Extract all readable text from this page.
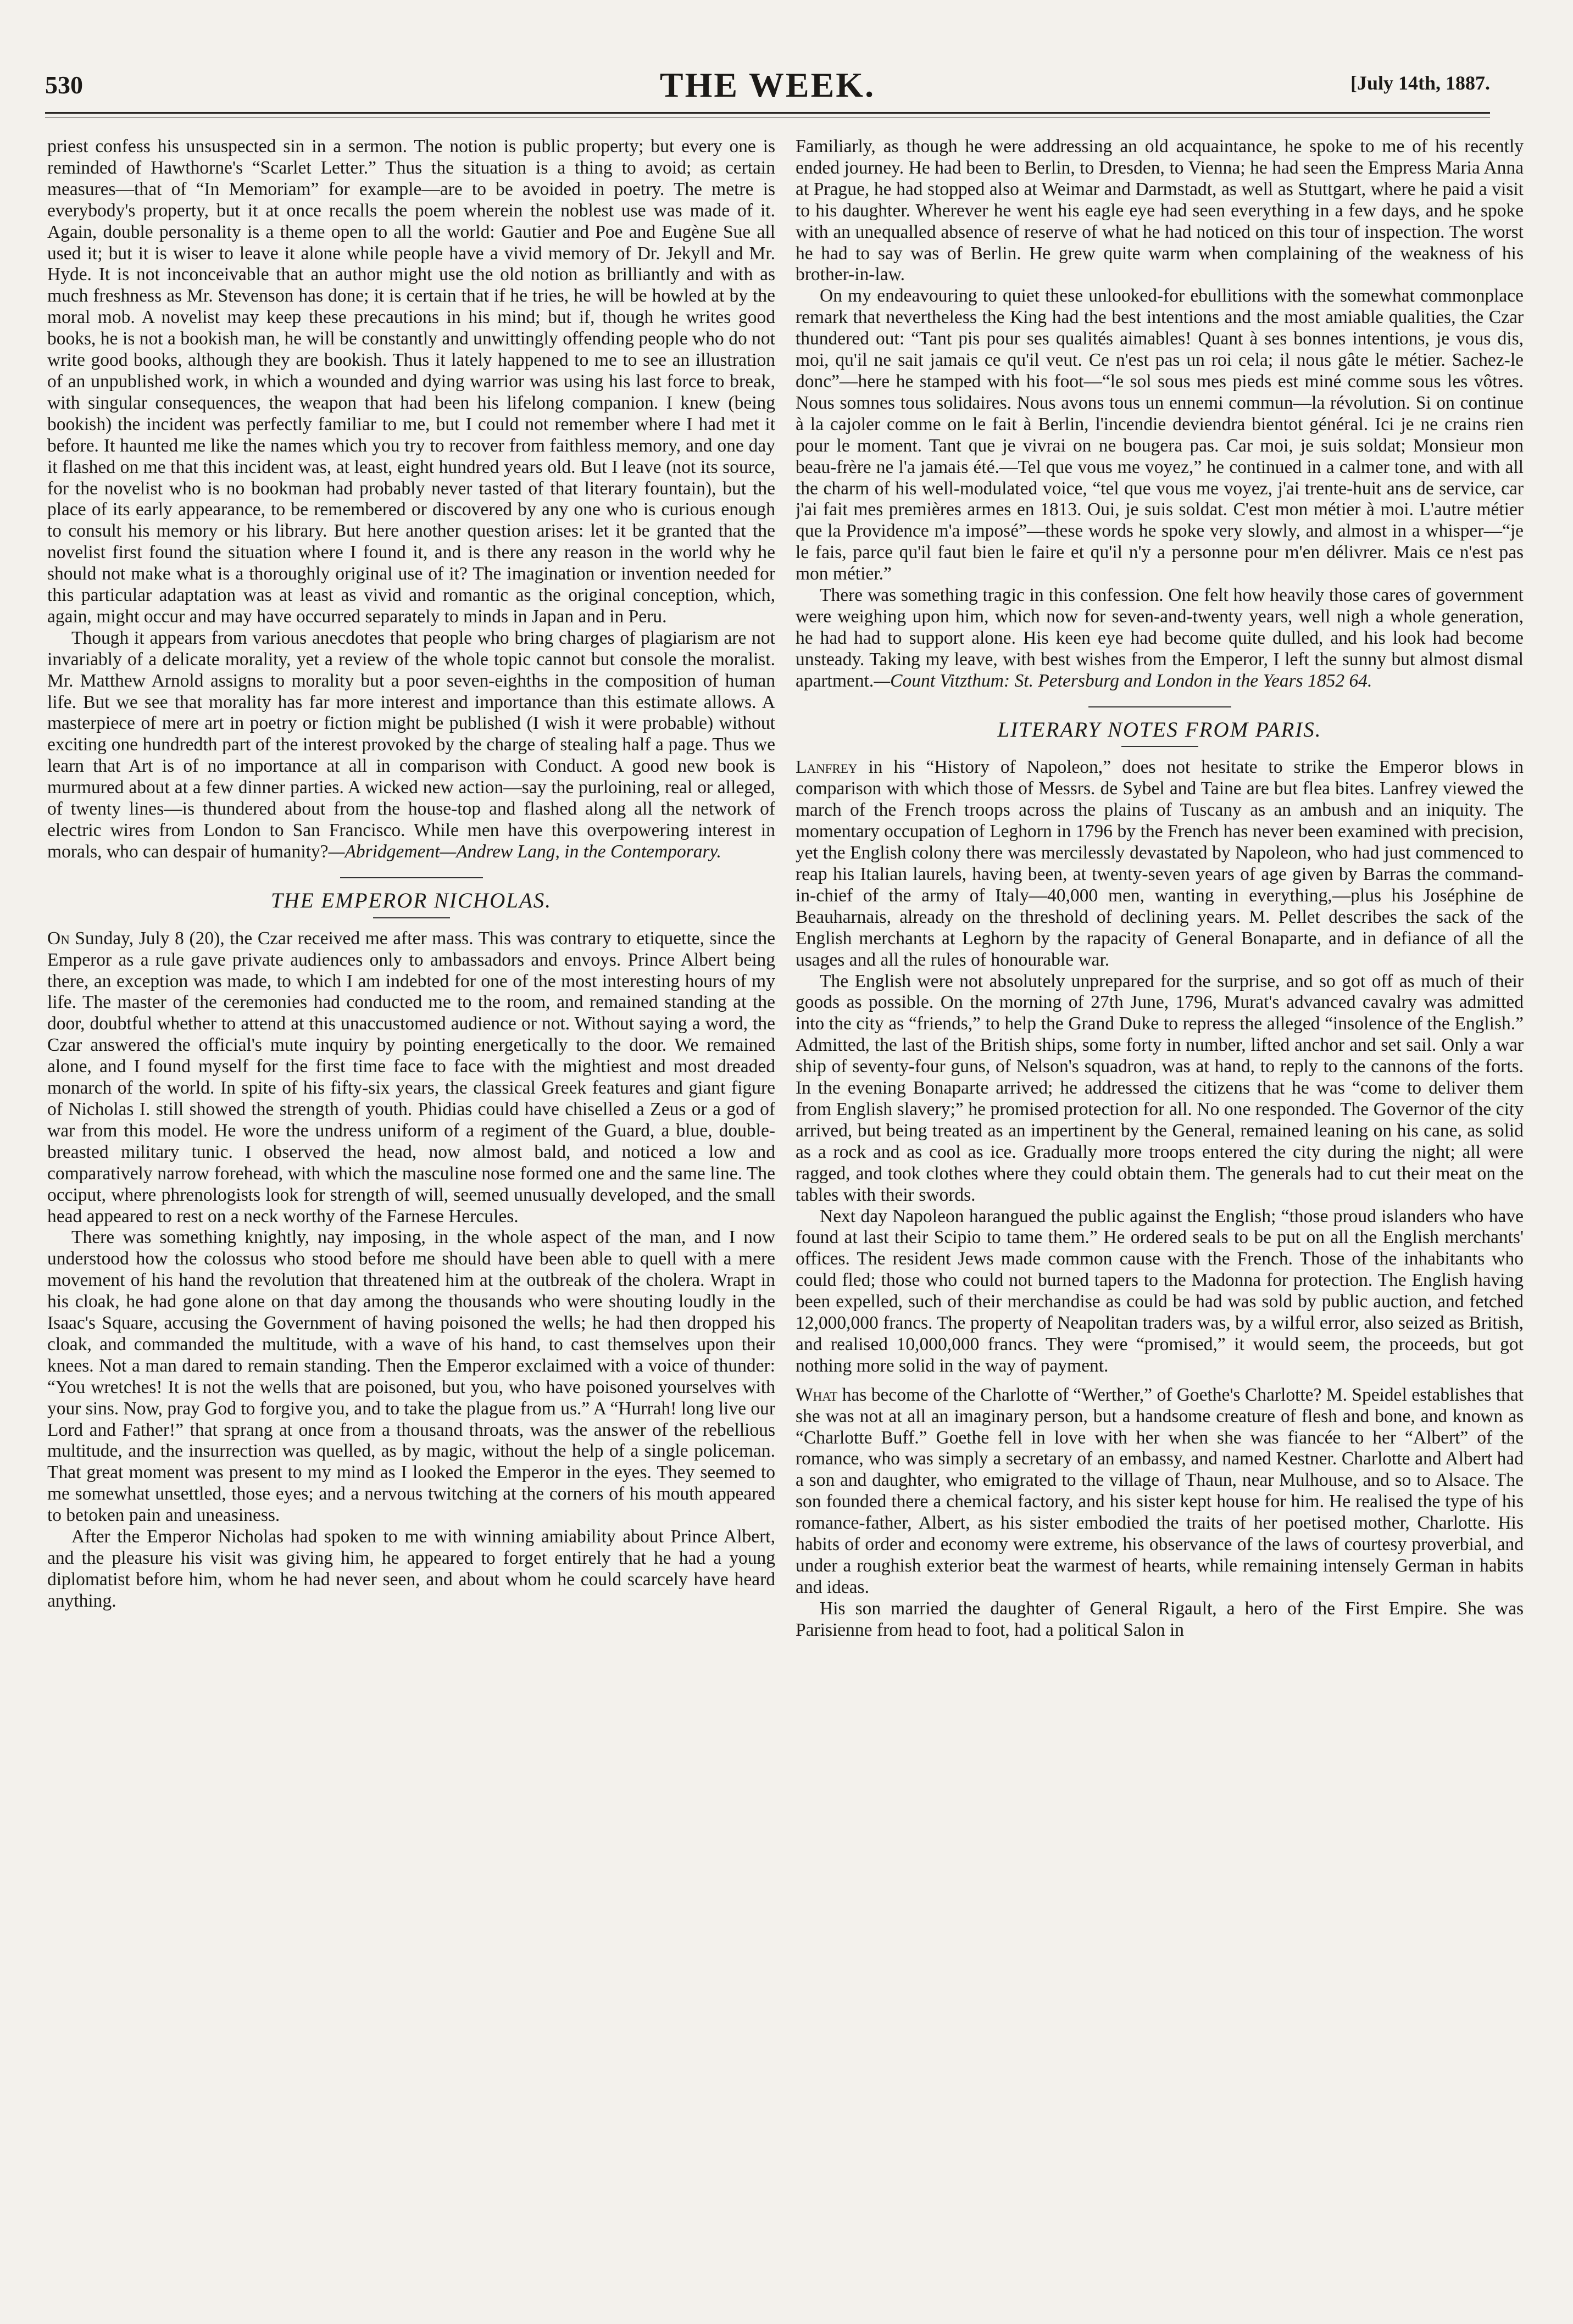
530	THE WEEK.	[July 14th, 1887.

priest confess his unsuspected sin in a sermon. The notion is public property; but every one is reminded of Hawthorne's “Scarlet Letter.” Thus the situation is a thing to avoid; as certain measures—that of “In Memoriam” for example—are to be avoided in poetry. The metre is everybody's property, but it at once recalls the poem wherein the noblest use was made of it. Again, double personality is a theme open to all the world: Gautier and Poe and Eugène Sue all used it; but it is wiser to leave it alone while people have a vivid memory of Dr. Jekyll and Mr. Hyde. It is not inconceivable that an author might use the old notion as brilliantly and with as much freshness as Mr. Stevenson has done; it is certain that if he tries, he will be howled at by the moral mob. A novelist may keep these precautions in his mind; but if, though he writes good books, he is not a bookish man, he will be constantly and unwittingly offending people who do not write good books, although they are bookish. Thus it lately happened to me to see an illustration of an unpublished work, in which a wounded and dying warrior was using his last force to break, with singular consequences, the weapon that had been his lifelong companion. I knew (being bookish) the incident was perfectly familiar to me, but I could not remember where I had met it before. It haunted me like the names which you try to recover from faithless memory, and one day it flashed on me that this incident was, at least, eight hundred years old. But I leave (not its source, for the novelist who is no bookman had probably never tasted of that literary fountain), but the place of its early appearance, to be remembered or discovered by any one who is curious enough to consult his memory or his library. But here another question arises: let it be granted that the novelist first found the situation where I found it, and is there any reason in the world why he should not make what is a thoroughly original use of it? The imagination or invention needed for this particular adaptation was at least as vivid and romantic as the original conception, which, again, might occur and may have occurred separately to minds in Japan and in Peru.

Though it appears from various anecdotes that people who bring charges of plagiarism are not invariably of a delicate morality, yet a review of the whole topic cannot but console the moralist. Mr. Matthew Arnold assigns to morality but a poor seven-eighths in the composition of human life. But we see that morality has far more interest and importance than this estimate allows. A masterpiece of mere art in poetry or fiction might be published (I wish it were probable) without exciting one hundredth part of the interest provoked by the charge of stealing half a page. Thus we learn that Art is of no importance at all in comparison with Conduct. A good new book is murmured about at a few dinner parties. A wicked new action—say the purloining, real or alleged, of twenty lines—is thundered about from the house-top and flashed along all the network of electric wires from London to San Francisco. While men have this overpowering interest in morals, who can despair of humanity?—Abridgement—Andrew Lang, in the Contemporary.

THE EMPEROR NICHOLAS.

On Sunday, July 8 (20), the Czar received me after mass. This was contrary to etiquette, since the Emperor as a rule gave private audiences only to ambassadors and envoys. Prince Albert being there, an exception was made, to which I am indebted for one of the most interesting hours of my life. The master of the ceremonies had conducted me to the room, and remained standing at the door, doubtful whether to attend at this unaccustomed audience or not. Without saying a word, the Czar answered the official's mute inquiry by pointing energetically to the door. We remained alone, and I found myself for the first time face to face with the mightiest and most dreaded monarch of the world. In spite of his fifty-six years, the classical Greek features and giant figure of Nicholas I. still showed the strength of youth. Phidias could have chiselled a Zeus or a god of war from this model. He wore the undress uniform of a regiment of the Guard, a blue, double-breasted military tunic. I observed the head, now almost bald, and noticed a low and comparatively narrow forehead, with which the masculine nose formed one and the same line. The occiput, where phrenologists look for strength of will, seemed unusually developed, and the small head appeared to rest on a neck worthy of the Farnese Hercules.

There was something knightly, nay imposing, in the whole aspect of the man, and I now understood how the colossus who stood before me should have been able to quell with a mere movement of his hand the revolution that threatened him at the outbreak of the cholera. Wrapt in his cloak, he had gone alone on that day among the thousands who were shouting loudly in the Isaac's Square, accusing the Government of having poisoned the wells; he had then dropped his cloak, and commanded the multitude, with a wave of his hand, to cast themselves upon their knees. Not a man dared to remain standing. Then the Emperor exclaimed with a voice of thunder: “You wretches! It is not the wells that are poisoned, but you, who have poisoned yourselves with your sins. Now, pray God to forgive you, and to take the plague from us.” A “Hurrah! long live our Lord and Father!” that sprang at once from a thousand throats, was the answer of the rebellious multitude, and the insurrection was quelled, as by magic, without the help of a single policeman. That great moment was present to my mind as I looked the Emperor in the eyes. They seemed to me somewhat unsettled, those eyes; and a nervous twitching at the corners of his mouth appeared to betoken pain and uneasiness.

After the Emperor Nicholas had spoken to me with winning amiability about Prince Albert, and the pleasure his visit was giving him, he appeared to forget entirely that he had a young diplomatist before him, whom he had never seen, and about whom he could scarcely have heard anything.

Familiarly, as though he were addressing an old acquaintance, he spoke to me of his recently ended journey. He had been to Berlin, to Dresden, to Vienna; he had seen the Empress Maria Anna at Prague, he had stopped also at Weimar and Darmstadt, as well as Stuttgart, where he paid a visit to his daughter. Wherever he went his eagle eye had seen everything in a few days, and he spoke with an unequalled absence of reserve of what he had noticed on this tour of inspection. The worst he had to say was of Berlin. He grew quite warm when complaining of the weakness of his brother-in-law.

On my endeavouring to quiet these unlooked-for ebullitions with the somewhat commonplace remark that nevertheless the King had the best intentions and the most amiable qualities, the Czar thundered out: “Tant pis pour ses qualités aimables! Quant à ses bonnes intentions, je vous dis, moi, qu'il ne sait jamais ce qu'il veut. Ce n'est pas un roi cela; il nous gâte le métier. Sachez-le donc”—here he stamped with his foot—“le sol sous mes pieds est miné comme sous les vôtres. Nous somnes tous solidaires. Nous avons tous un ennemi commun—la révolution. Si on continue à la cajoler comme on le fait à Berlin, l'incendie deviendra bientot général. Ici je ne crains rien pour le moment. Tant que je vivrai on ne bougera pas. Car moi, je suis soldat; Monsieur mon beau-frère ne l'a jamais été.—Tel que vous me voyez,” he continued in a calmer tone, and with all the charm of his well-modulated voice, “tel que vous me voyez, j'ai trente-huit ans de service, car j'ai fait mes premières armes en 1813. Oui, je suis soldat. C'est mon métier à moi. L'autre métier que la Providence m'a imposé”—these words he spoke very slowly, and almost in a whisper—“je le fais, parce qu'il faut bien le faire et qu'il n'y a personne pour m'en délivrer. Mais ce n'est pas mon métier.”

There was something tragic in this confession. One felt how heavily those cares of government were weighing upon him, which now for seven-and-twenty years, well nigh a whole generation, he had had to support alone. His keen eye had become quite dulled, and his look had become unsteady. Taking my leave, with best wishes from the Emperor, I left the sunny but almost dismal apartment.—Count Vitzthum: St. Petersburg and London in the Years 1852 64.

LITERARY NOTES FROM PARIS.

Lanfrey in his “History of Napoleon,” does not hesitate to strike the Emperor blows in comparison with which those of Messrs. de Sybel and Taine are but flea bites. Lanfrey viewed the march of the French troops across the plains of Tuscany as an ambush and an iniquity. The momentary occupation of Leghorn in 1796 by the French has never been examined with precision, yet the English colony there was mercilessly devastated by Napoleon, who had just commenced to reap his Italian laurels, having been, at twenty-seven years of age given by Barras the command-in-chief of the army of Italy—40,000 men, wanting in everything,—plus his Joséphine de Beauharnais, already on the threshold of declining years. M. Pellet describes the sack of the English merchants at Leghorn by the rapacity of General Bonaparte, and in defiance of all the usages and all the rules of honourable war.

The English were not absolutely unprepared for the surprise, and so got off as much of their goods as possible. On the morning of 27th June, 1796, Murat's advanced cavalry was admitted into the city as “friends,” to help the Grand Duke to repress the alleged “insolence of the English.” Admitted, the last of the British ships, some forty in number, lifted anchor and set sail. Only a war ship of seventy-four guns, of Nelson's squadron, was at hand, to reply to the cannons of the forts. In the evening Bonaparte arrived; he addressed the citizens that he was “come to deliver them from English slavery;” he promised protection for all. No one responded. The Governor of the city arrived, but being treated as an impertinent by the General, remained leaning on his cane, as solid as a rock and as cool as ice. Gradually more troops entered the city during the night; all were ragged, and took clothes where they could obtain them. The generals had to cut their meat on the tables with their swords.

Next day Napoleon harangued the public against the English; “those proud islanders who have found at last their Scipio to tame them.” He ordered seals to be put on all the English merchants' offices. The resident Jews made common cause with the French. Those of the inhabitants who could fled; those who could not burned tapers to the Madonna for protection. The English having been expelled, such of their merchandise as could be had was sold by public auction, and fetched 12,000,000 francs. The property of Neapolitan traders was, by a wilful error, also seized as British, and realised 10,000,000 francs. They were “promised,” it would seem, the proceeds, but got nothing more solid in the way of payment.

What has become of the Charlotte of “Werther,” of Goethe's Charlotte? M. Speidel establishes that she was not at all an imaginary person, but a handsome creature of flesh and bone, and known as “Charlotte Buff.” Goethe fell in love with her when she was fiancée to her “Albert” of the romance, who was simply a secretary of an embassy, and named Kestner. Charlotte and Albert had a son and daughter, who emigrated to the village of Thaun, near Mulhouse, and so to Alsace. The son founded there a chemical factory, and his sister kept house for him. He realised the type of his romance-father, Albert, as his sister embodied the traits of her poetised mother, Charlotte. His habits of order and economy were extreme, his observance of the laws of courtesy proverbial, and under a roughish exterior beat the warmest of hearts, while remaining intensely German in habits and ideas.

His son married the daughter of General Rigault, a hero of the First Empire. She was Parisienne from head to foot, had a political Salon in
